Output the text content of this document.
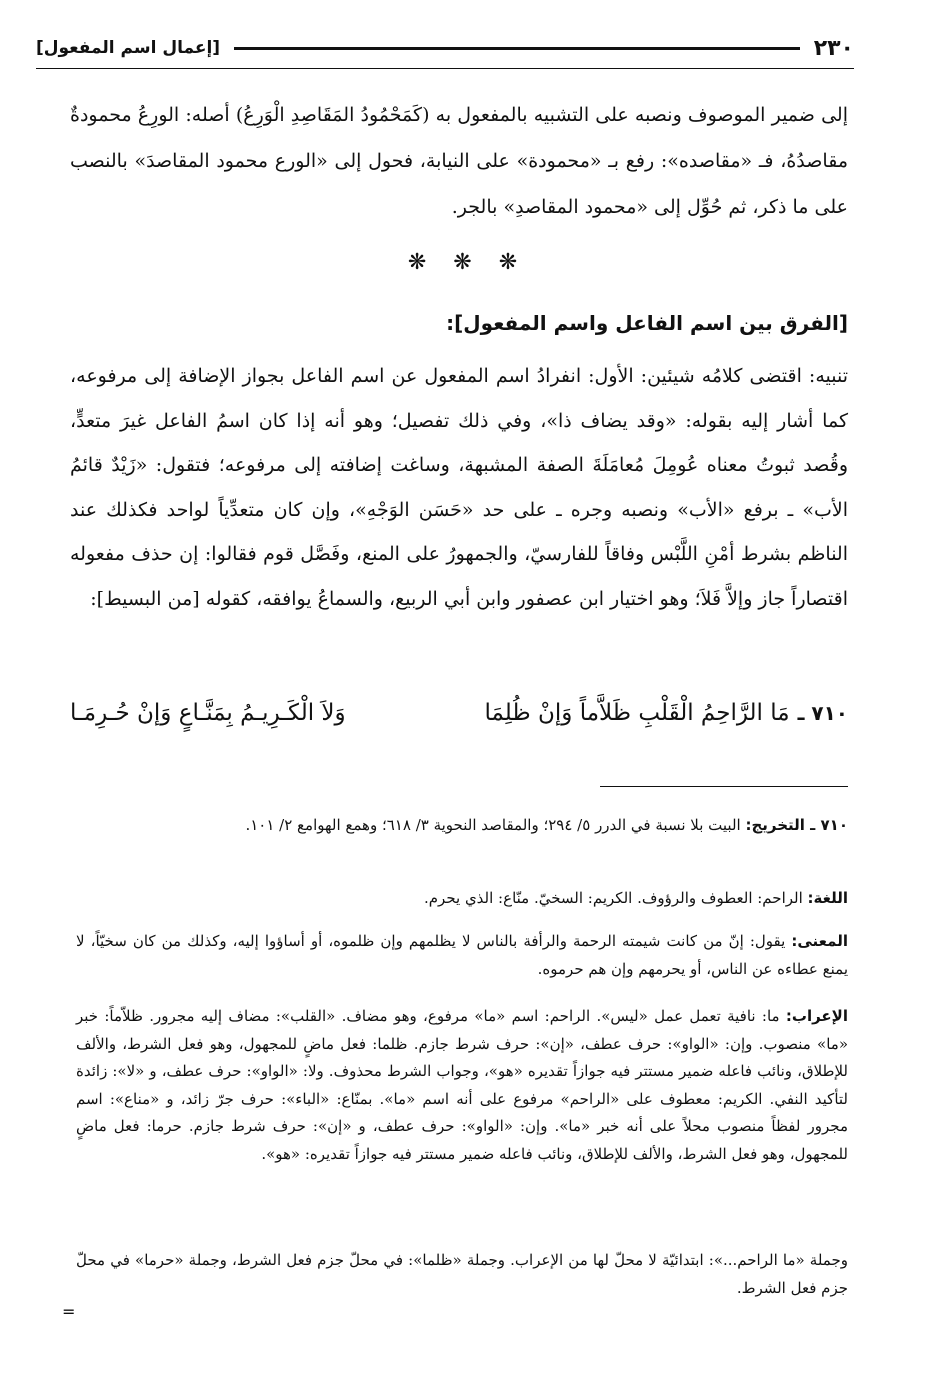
٢٣٠
[إعمال اسم المفعول]

إلى ضمير الموصوف ونصبه على التشبيه بالمفعول به (كَمَحْمُودُ المَقَاصِدِ الْوَرِعُ) أصله: الورِعُ محمودةٌ مقاصدُهُ، فـ «مقاصده»: رفع بـ «محمودة» على النيابة، فحول إلى «الورع محمود المقاصدَ» بالنصب على ما ذكر، ثم حُوِّل إلى «محمود المقاصدِ» بالجر.

❋ ❋ ❋
[الفرق بين اسم الفاعل واسم المفعول]:

تنبيه: اقتضى كلامُه شيئين: الأول: انفرادُ اسم المفعول عن اسم الفاعل بجواز الإضافة إلى مرفوعه، كما أشار إليه بقوله: «وقد يضاف ذا»، وفي ذلك تفصيل؛ وهو أنه إذا كان اسمُ الفاعل غيرَ متعدٍّ، وقُصد ثبوتُ معناه عُومِلَ مُعامَلَةَ الصفة المشبهة، وساغت إضافته إلى مرفوعه؛ فتقول: «زَيْدٌ قائمُ الأب» ـ برفع «الأب» ونصبه وجره ـ على حد «حَسَن الوَجْهِ»، وإن كان متعدِّياً لواحد فكذلك عند الناظم بشرط أمْنِ اللَّبْس وفاقاً للفارسيّ، والجمهورُ على المنع، وفَصَّل قوم فقالوا: إن حذف مفعوله اقتصاراً جاز وإلاَّ فَلاَ؛ وهو اختيار ابن عصفور وابن أبي الربيع، والسماعُ يوافقه، كقوله [من البسيط]:

٧١٠ ـ
مَا الرَّاحِمُ الْقَلْبِ ظَلاَّماً وَإنْ ظُلِمَا
وَلاَ الْكَـرِيـمُ بِمَنَّـاعٍ وَإنْ حُـرِمَـا

٧١٠ ـ التخريج: البيت بلا نسبة في الدرر ٥/ ٢٩٤؛ والمقاصد النحوية ٣/ ٦١٨؛ وهمع الهوامع ٢/ ١٠١.

اللغة: الراحم: العطوف والرؤوف. الكريم: السخيّ. منّاع: الذي يحرم.

المعنى: يقول: إنّ من كانت شيمته الرحمة والرأفة بالناس لا يظلمهم وإن ظلموه، أو أساؤوا إليه، وكذلك من كان سخيّاً، لا يمنع عطاءه عن الناس، أو يحرمهم وإن هم حرموه.

الإعراب: ما: نافية تعمل عمل «ليس». الراحم: اسم «ما» مرفوع، وهو مضاف. «القلب»: مضاف إليه مجرور. ظلاّماً: خبر «ما» منصوب. وإن: «الواو»: حرف عطف، «إن»: حرف شرط جازم. ظلما: فعل ماضٍ للمجهول، وهو فعل الشرط، والألف للإطلاق، ونائب فاعله ضمير مستتر فيه جوازاً تقديره «هو»، وجواب الشرط محذوف. ولا: «الواو»: حرف عطف، و «لا»: زائدة لتأكيد النفي. الكريم: معطوف على «الراحم» مرفوع على أنه اسم «ما». بمنّاع: «الباء»: حرف جرّ زائد، و «مناع»: اسم مجرور لفظاً منصوب محلاً على أنه خبر «ما». وإن: «الواو»: حرف عطف، و «إن»: حرف شرط جازم. حرما: فعل ماضٍ للمجهول، وهو فعل الشرط، والألف للإطلاق، ونائب فاعله ضمير مستتر فيه جوازاً تقديره: «هو».

وجملة «ما الراحم...»: ابتدائيّة لا محلّ لها من الإعراب. وجملة «ظلما»: في محلّ جزم فعل الشرط، وجملة «حرما» في محلّ جزم فعل الشرط.

=
